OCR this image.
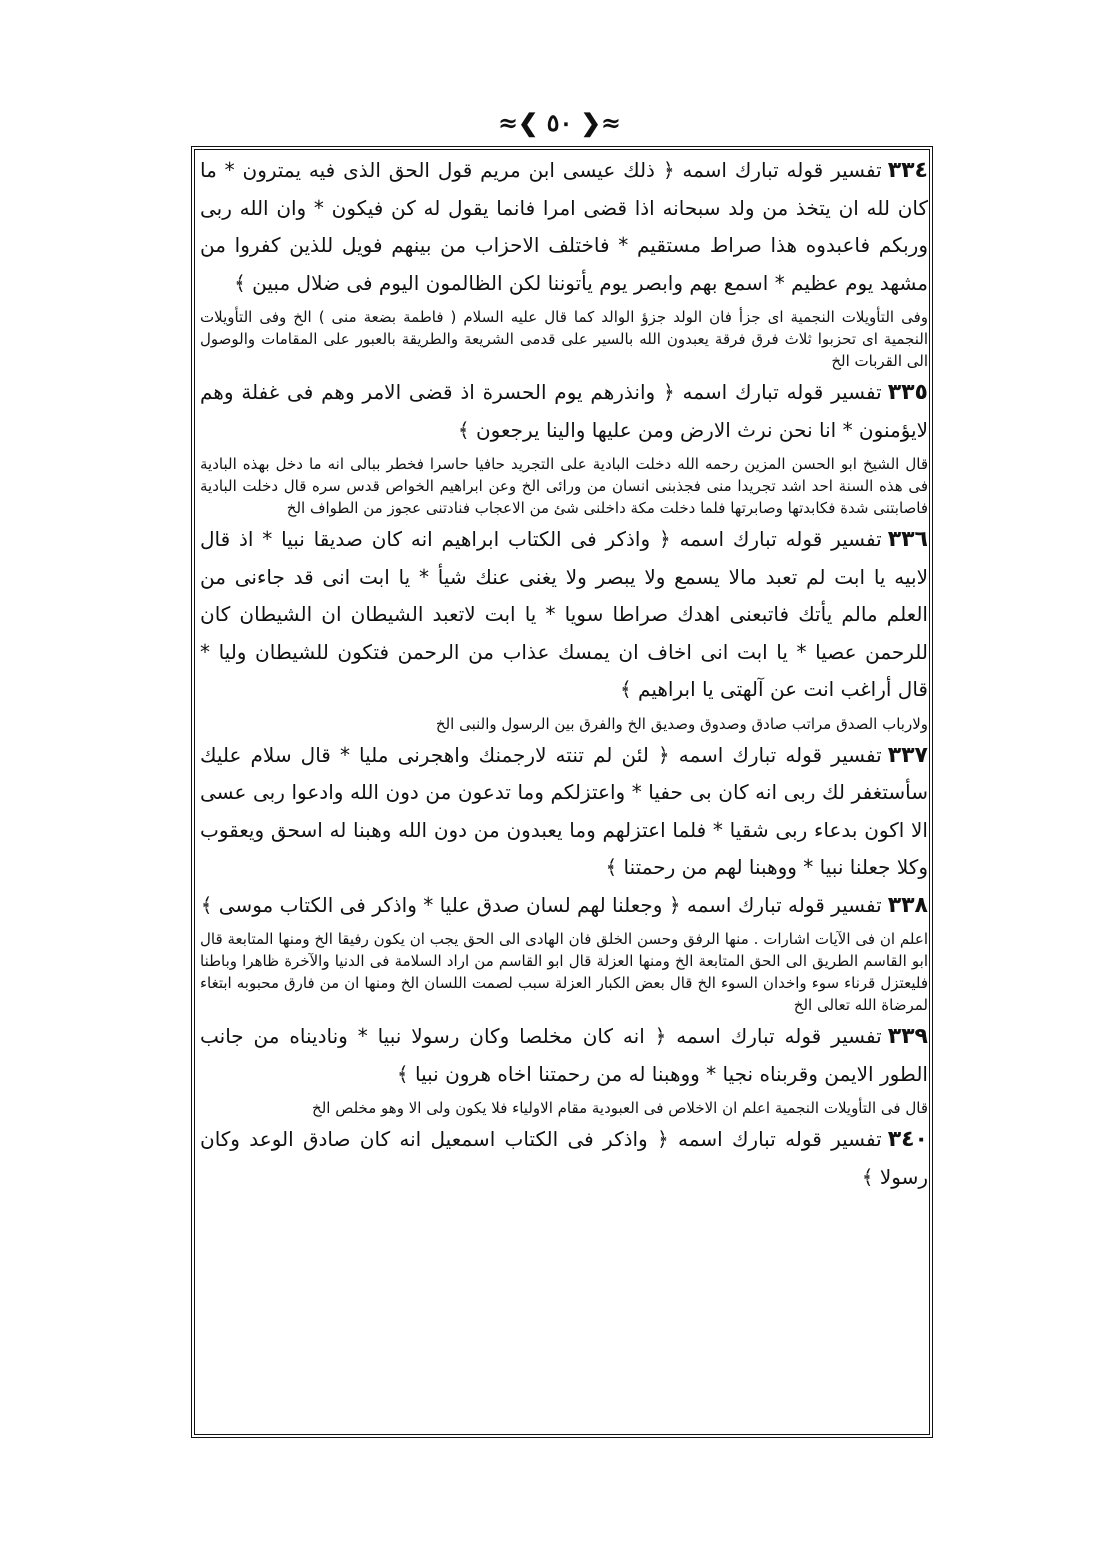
≈❮ ٥٠ ❯≈

٣٣٤تفسير قوله تبارك اسمه ﴿ ذلك عيسى ابن مريم قول الحق الذى فيه يمترون * ما كان لله ان يتخذ من ولد سبحانه اذا قضى امرا فانما يقول له كن فيكون * وان الله ربى وربكم فاعبدوه هذا صراط مستقيم * فاختلف الاحزاب من بينهم فويل للذين كفروا من مشهد يوم عظيم * اسمع بهم وابصر يوم يأتوننا لكن الظالمون اليوم فى ضلال مبين ﴾

وفى التأويلات النجمية اى جزأ فان الولد جزؤ الوالد كما قال عليه السلام ( فاطمة بضعة منى ) الخ وفى التأويلات النجمية اى تحزبوا ثلاث فرق فرقة يعبدون الله بالسير على قدمى الشريعة والطريقة بالعبور على المقامات والوصول الى القربات الخ

٣٣٥تفسير قوله تبارك اسمه ﴿ وانذرهم يوم الحسرة اذ قضى الامر وهم فى غفلة وهم لايؤمنون * انا نحن نرث الارض ومن عليها والينا يرجعون ﴾

قال الشيخ ابو الحسن المزين رحمه الله دخلت البادية على التجريد حافيا حاسرا فخطر ببالى انه ما دخل بهذه البادية فى هذه السنة احد اشد تجريدا منى فجذبنى انسان من ورائى الخ وعن ابراهيم الخواص قدس سره قال دخلت البادية فاصابتنى شدة فكابدتها وصابرتها فلما دخلت مكة داخلنى شئ من الاعجاب فنادتنى عجوز من الطواف الخ

٣٣٦تفسير قوله تبارك اسمه ﴿ واذكر فى الكتاب ابراهيم انه كان صديقا نبيا * اذ قال لابيه يا ابت لم تعبد مالا يسمع ولا يبصر ولا يغنى عنك شيأ * يا ابت انى قد جاءنى من العلم مالم يأتك فاتبعنى اهدك صراطا سويا * يا ابت لاتعبد الشيطان ان الشيطان كان للرحمن عصيا * يا ابت انى اخاف ان يمسك عذاب من الرحمن فتكون للشيطان وليا * قال أراغب انت عن آلهتى يا ابراهيم ﴾

ولارباب الصدق مراتب صادق وصدوق وصديق الخ والفرق بين الرسول والنبى الخ

٣٣٧تفسير قوله تبارك اسمه ﴿ لئن لم تنته لارجمنك واهجرنى مليا * قال سلام عليك سأستغفر لك ربى انه كان بى حفيا * واعتزلكم وما تدعون من دون الله وادعوا ربى عسى الا اكون بدعاء ربى شقيا * فلما اعتزلهم وما يعبدون من دون الله وهبنا له اسحق ويعقوب وكلا جعلنا نبيا * ووهبنا لهم من رحمتنا ﴾

٣٣٨تفسير قوله تبارك اسمه ﴿ وجعلنا لهم لسان صدق عليا * واذكر فى الكتاب موسى ﴾

اعلم ان فى الآيات اشارات . منها الرفق وحسن الخلق فان الهادى الى الحق يجب ان يكون رفيقا الخ ومنها المتابعة قال ابو القاسم الطريق الى الحق المتابعة الخ ومنها العزلة قال ابو القاسم من اراد السلامة فى الدنيا والآخرة ظاهرا وباطنا فليعتزل قرناء سوء واخدان السوء الخ قال بعض الكبار العزلة سبب لصمت اللسان الخ ومنها ان من فارق محبوبه ابتغاء لمرضاة الله تعالى الخ

٣٣٩تفسير قوله تبارك اسمه ﴿ انه كان مخلصا وكان رسولا نبيا * وناديناه من جانب الطور الايمن وقربناه نجيا * ووهبنا له من رحمتنا اخاه هرون نبيا ﴾

قال فى التأويلات النجمية اعلم ان الاخلاص فى العبودية مقام الاولياء فلا يكون ولى الا وهو مخلص الخ

٣٤٠تفسير قوله تبارك اسمه ﴿ واذكر فى الكتاب اسمعيل انه كان صادق الوعد وكان رسولا ﴾
